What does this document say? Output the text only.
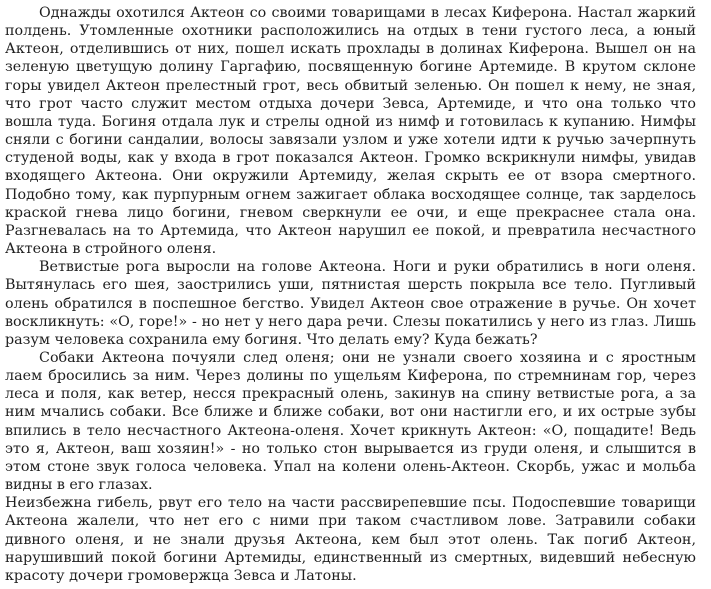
Однажды охотился Актеон со своими товарищами в лесах Киферона. Настал жаркий полдень. Утомленные охотники расположились на отдых в тени густого леса, а юный Актеон, отделившись от них, пошел искать прохлады в долинах Киферона. Вышел он на зеленую цветущую долину Гаргафию, посвященную богине Артемиде. В крутом склоне горы увидел Актеон прелестный грот, весь обвитый зеленью. Он пошел к нему, не зная, что грот часто служит местом отдыха дочери Зевса, Артемиде, и что она только что вошла туда. Богиня отдала лук и стрелы одной из нимф и готовилась к купанию. Нимфы сняли с богини сандалии, волосы завязали узлом и уже хотели идти к ручью зачерпнуть студеной воды, как у входа в грот показался Актеон. Громко вскрикнули нимфы, увидав входящего Актеона. Они окружили Артемиду, желая скрыть ее от взора смертного. Подобно тому, как пурпурным огнем зажигает облака восходящее солнце, так зарделось краской гнева лицо богини, гневом сверкнули ее очи, и еще прекраснее стала она. Разгневалась на то Артемида, что Актеон нарушил ее покой, и превратила несчастного Актеона в стройного оленя.

Ветвистые рога выросли на голове Актеона. Ноги и руки обратились в ноги оленя. Вытянулась его шея, заострились уши, пятнистая шерсть покрыла все тело. Пугливый олень обратился в поспешное бегство. Увидел Актеон свое отражение в ручье. Он хочет воскликнуть: «О, горе!» - но нет у него дара речи. Слезы покатились у него из глаз. Лишь разум человека сохранила ему богиня. Что делать ему? Куда бежать?

Собаки Актеона почуяли след оленя; они не узнали своего хозяина и с яростным лаем бросились за ним. Через долины по ущельям Киферона, по стремнинам гор, через леса и поля, как ветер, несся прекрасный олень, закинув на спину ветвистые рога, а за ним мчались собаки. Все ближе и ближе собаки, вот они настигли его, и их острые зубы впились в тело несчастного Актеона-оленя. Хочет крикнуть Актеон: «О, пощадите! Ведь это я, Актеон, ваш хозяин!» - но только стон вырывается из груди оленя, и слышится в этом стоне звук голоса человека. Упал на колени олень-Актеон. Скорбь, ужас и мольба видны в его глазах.

Неизбежна гибель, рвут его тело на части рассвирепевшие псы. Подоспевшие товарищи Актеона жалели, что нет его с ними при таком счастливом лове. Затравили собаки дивного оленя, и не знали друзья Актеона, кем был этот олень. Так погиб Актеон, нарушивший покой богини Артемиды, единственный из смертных, видевший небесную красоту дочери громовержца Зевса и Латоны.
